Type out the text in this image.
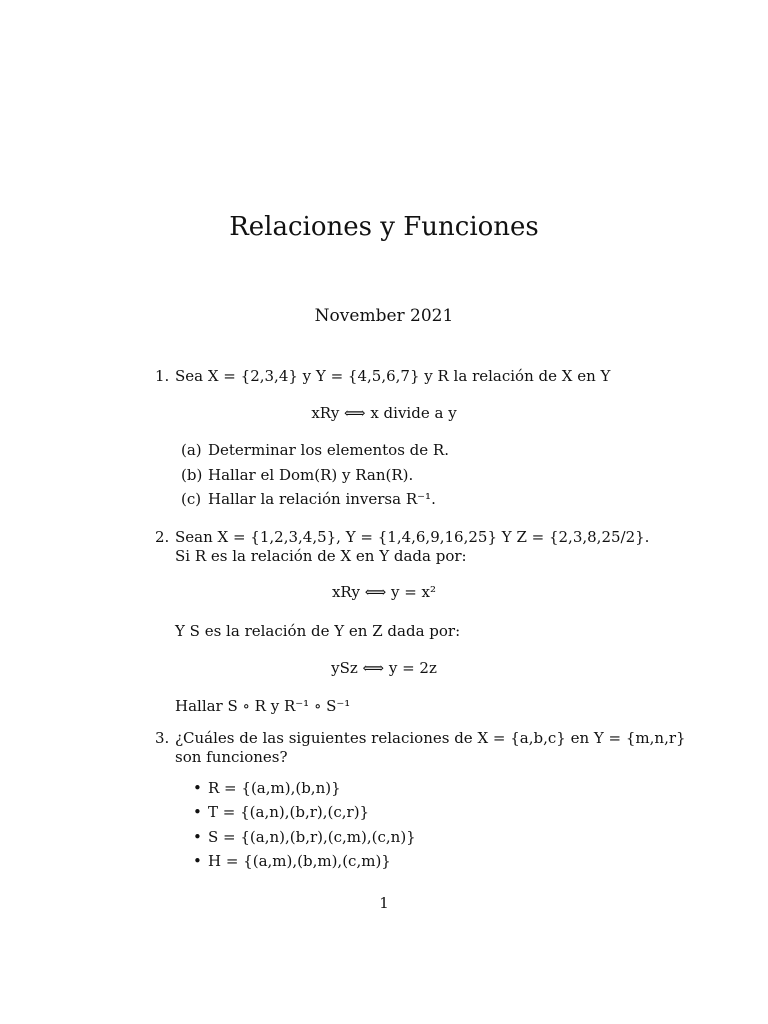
Relaciones y Funciones
November 2021
1. Sea X = {2,3,4} y Y = {4,5,6,7} y R la relación de X en Y
xRy ⟺ x divide a y
(a) Determinar los elementos de R.
(b) Hallar el Dom(R) y Ran(R).
(c) Hallar la relación inversa R⁻¹.
2. Sean X = {1,2,3,4,5}, Y = {1,4,6,9,16,25} Y Z = {2,3,8,25/2}.
Si R es la relación de X en Y dada por:
xRy ⟺ y = x²
Y S es la relación de Y en Z dada por:
ySz ⟺ y = 2z
Hallar S ∘ R y R⁻¹ ∘ S⁻¹
3. ¿Cuáles de las siguientes relaciones de X = {a,b,c} en Y = {m,n,r}
son funciones?
• R = {(a,m),(b,n)}
• T = {(a,n),(b,r),(c,r)}
• S = {(a,n),(b,r),(c,m),(c,n)}
• H = {(a,m),(b,m),(c,m)}
1
